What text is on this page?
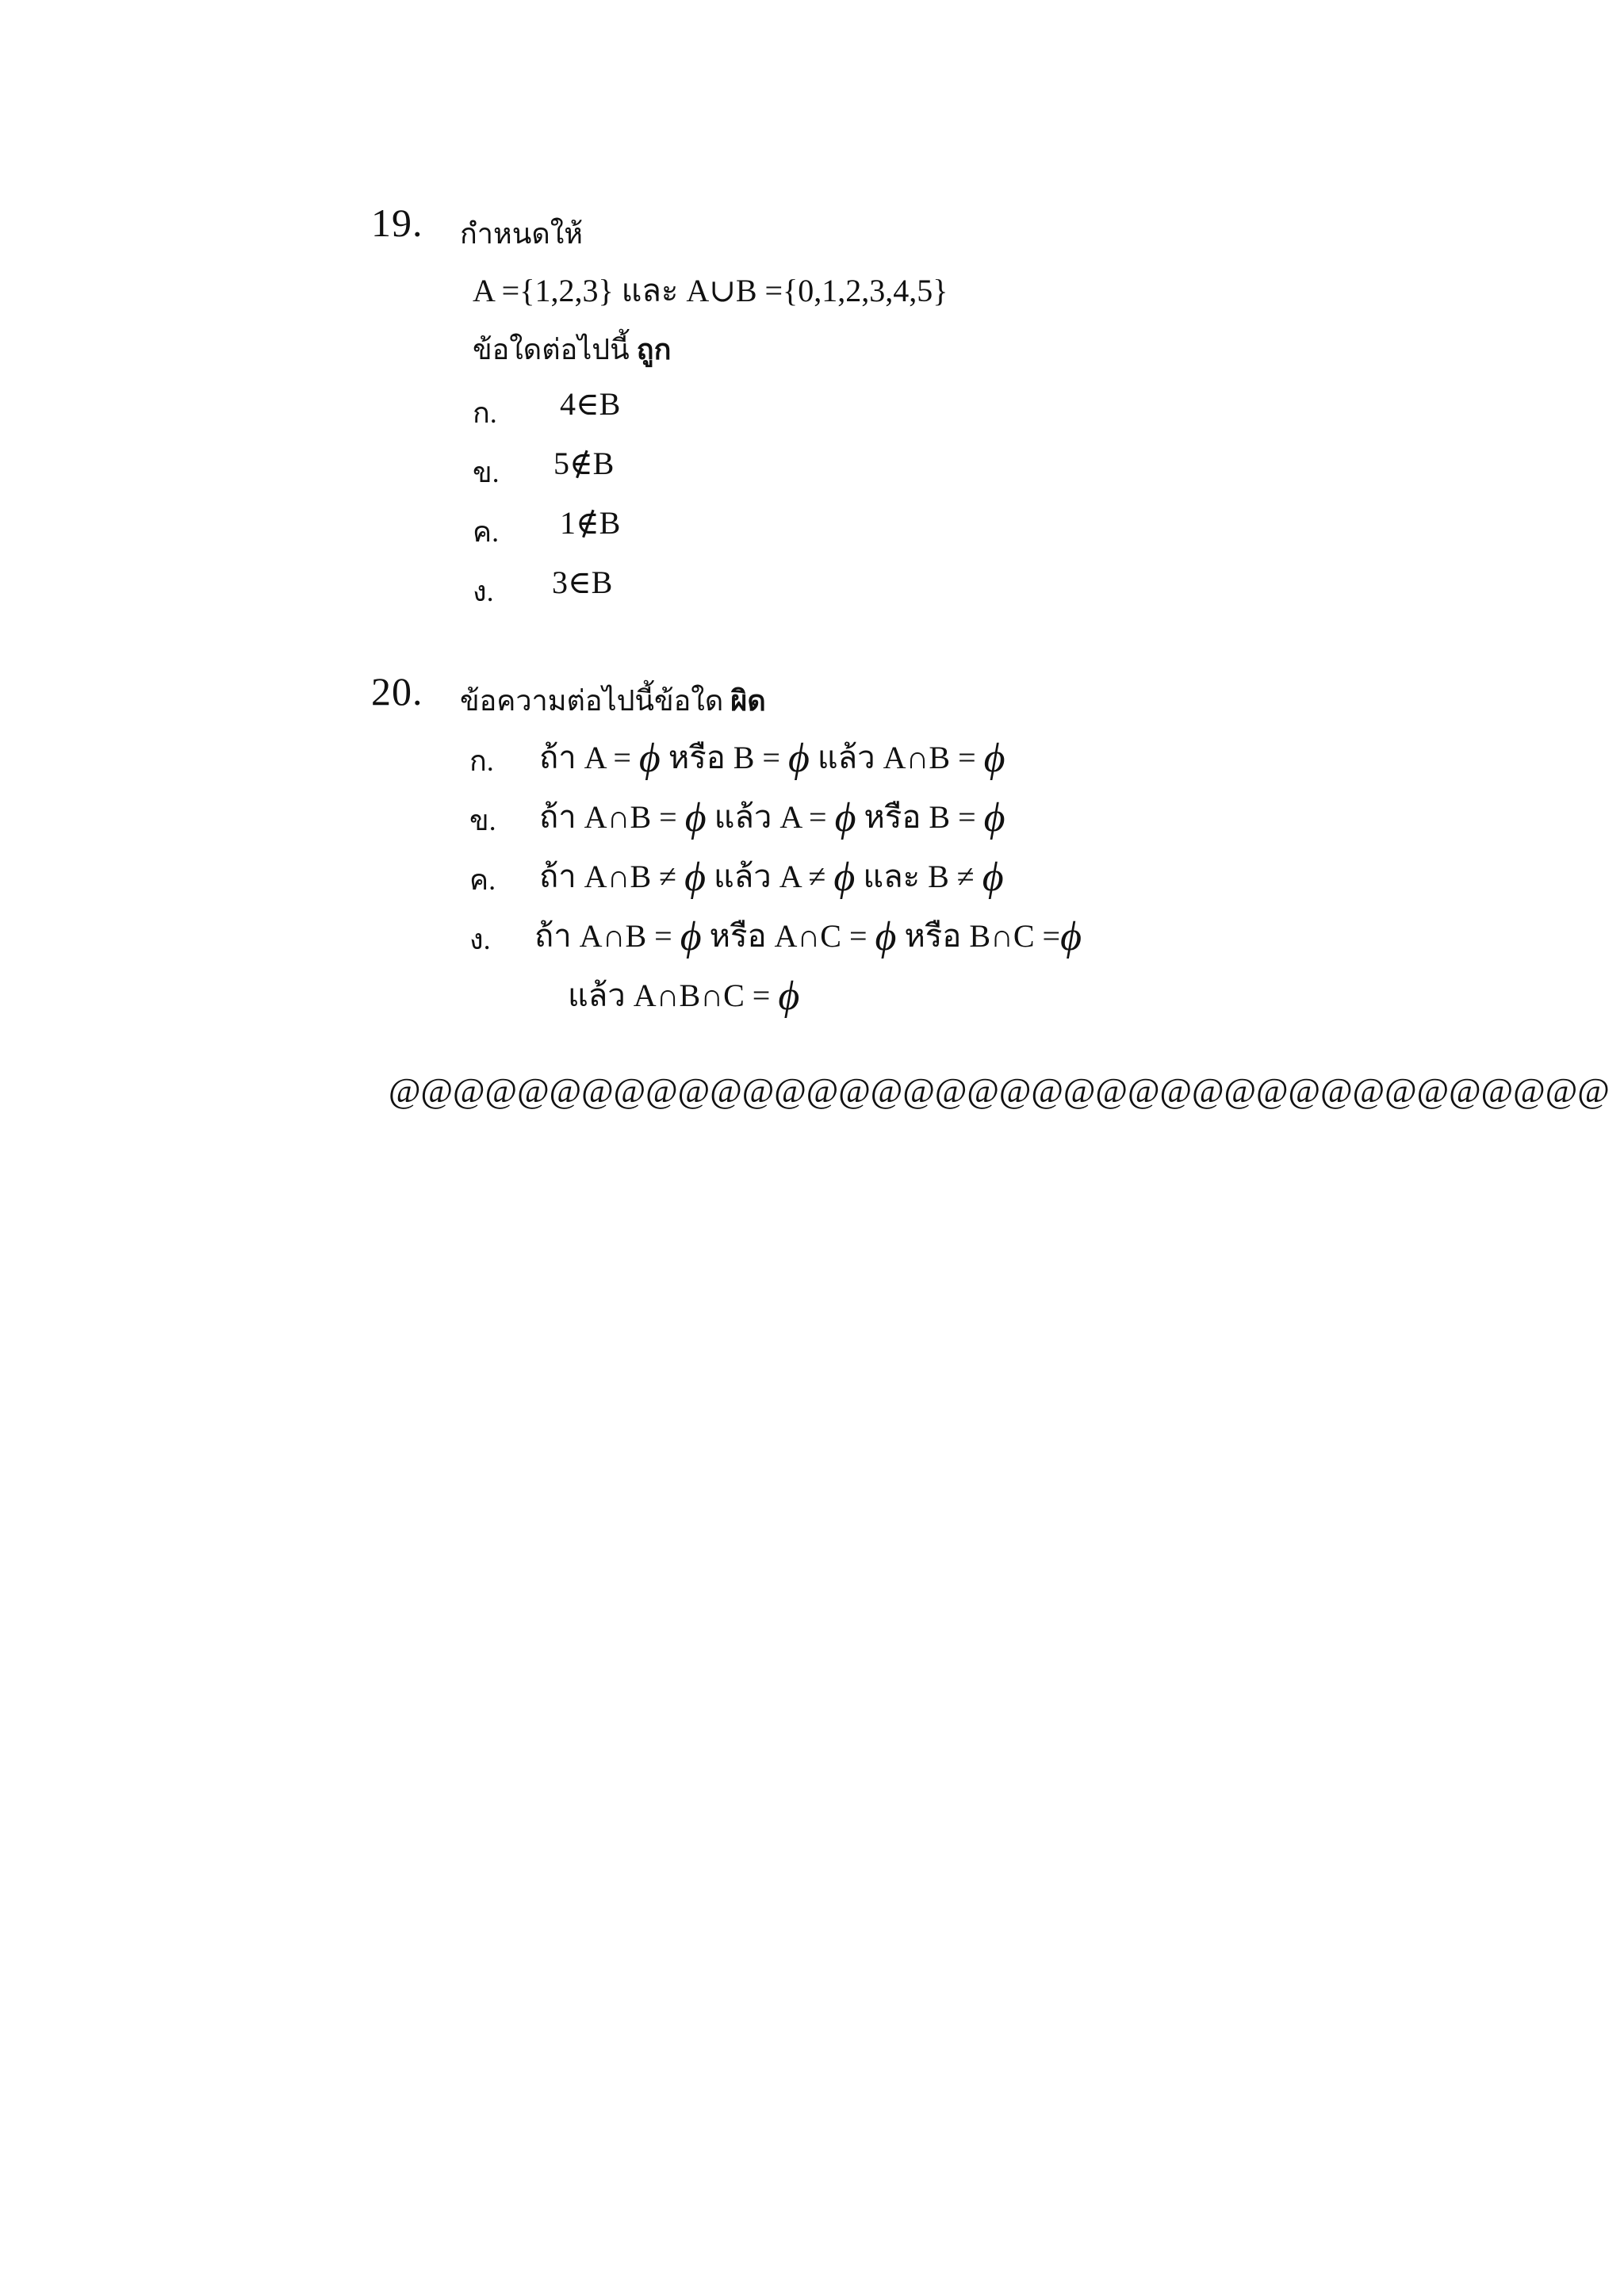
19. กำหนดให้
A ={1,2,3} และ A∪B ={0,1,2,3,4,5}
ข้อใดต่อไปนี้ ถูก
ก. 4∈B
ข. 5∉B
ค. 1∉B
ง. 3∈B
20. ข้อความต่อไปนี้ข้อใด ผิด
ก. ถ้า A = ϕ หรือ B = ϕ แล้ว A∩B = ϕ
ข. ถ้า A∩B = ϕ แล้ว A = ϕ หรือ B = ϕ
ค. ถ้า A∩B ≠ ϕ แล้ว A ≠ ϕ และ B ≠ ϕ
ง. ถ้า A∩B = ϕ หรือ A∩C = ϕ หรือ B∩C =ϕ
แล้ว A∩B∩C = ϕ
@@@@@@@@@@@@@@@@@@@@@@@@@@@@@@@@@@@@@@
